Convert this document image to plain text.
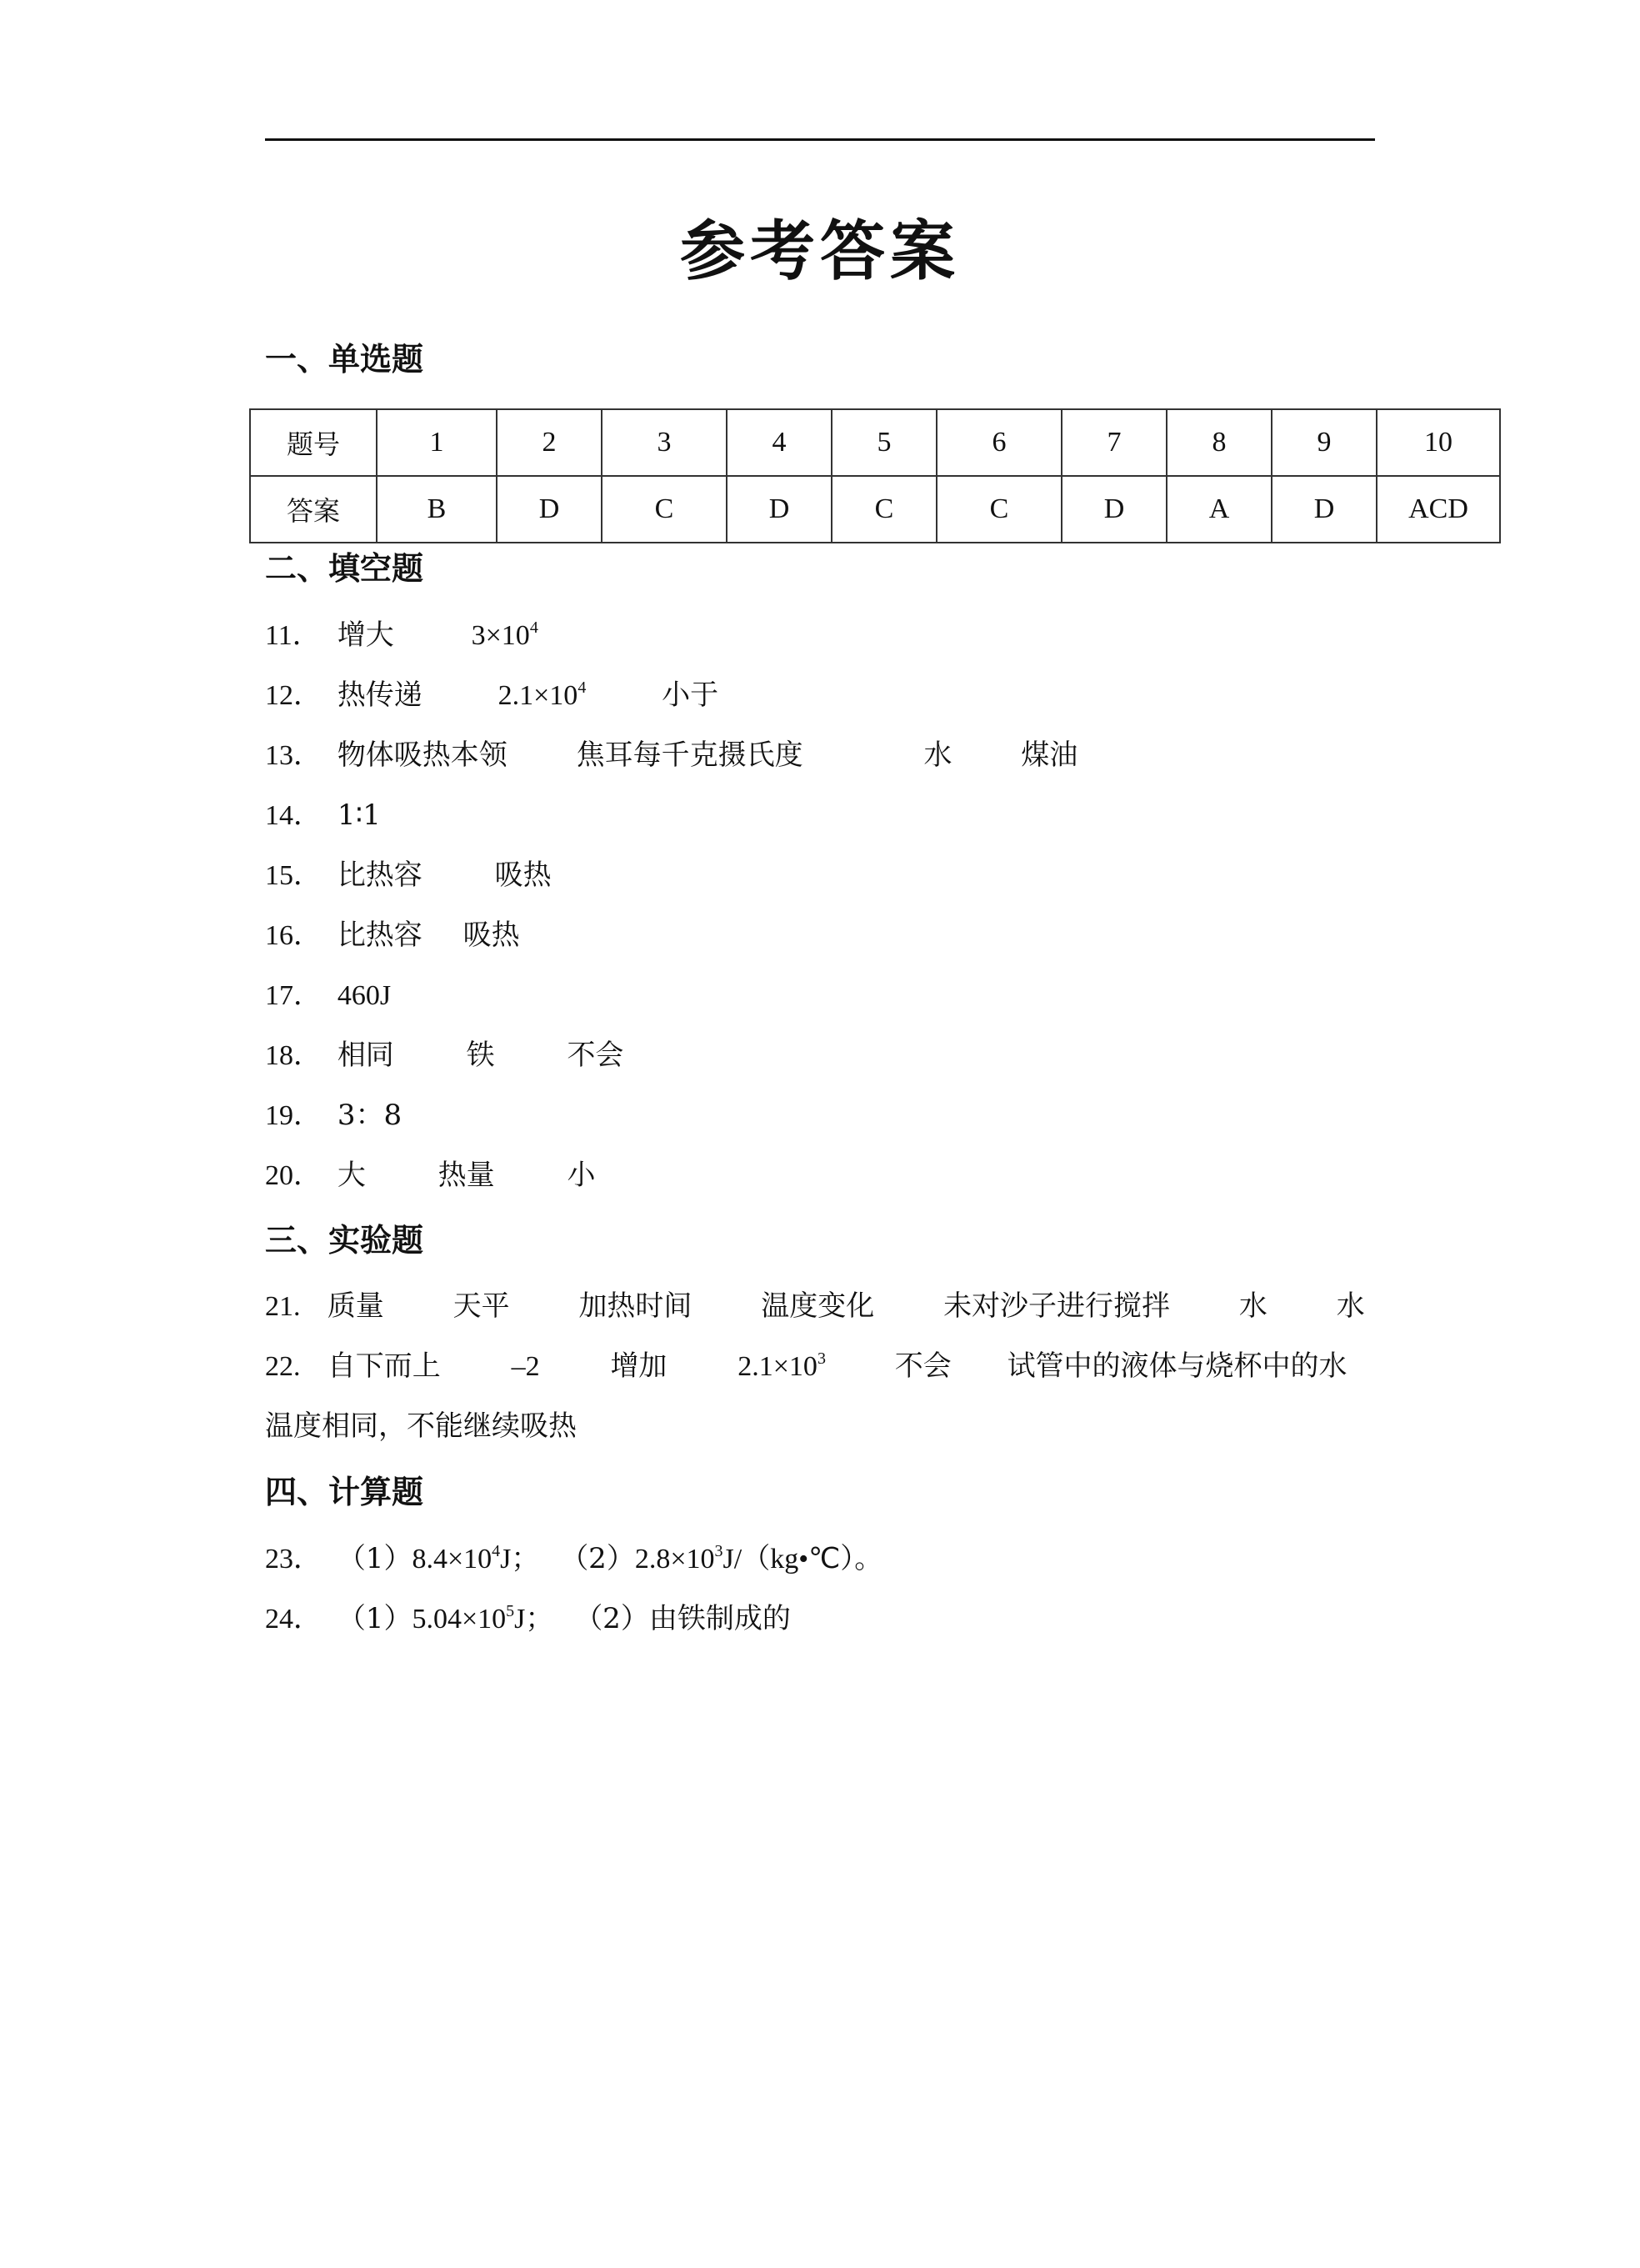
参考答案
一、单选题
题号	1	2	3	4	5	6	7	8	9	10
答案	B	D	C	D	C	C	D	A	D	ACD
二、填空题
11． 增大	$3\times 10^4$
12． 热传递	$2.1\times 10^4$	小于
13． 物体吸热本领 焦耳每千克摄氏度	水 煤油
14． 1∶1
15． 比热容	吸热
16． 比热容 吸热
17． 460J
18． 相同	铁	不会
19． 3：8
20． 大	热量	小
三、实验题
21. 质量 天平 加热时间 温度变化 未对沙子进行搅拌 水 水
22. 自下而上 –2 增加 $2.1\times 10^3$ 不会 试管中的液体与烧杯中的水
温度相同，不能继续吸热
四、计算题
23． $(1)8.4\times 10^4J$； $(2)2.8\times 10^3J/(kg•℃)$。
24． $(1)5.04\times 10^5J$； （2）由铁制成的
